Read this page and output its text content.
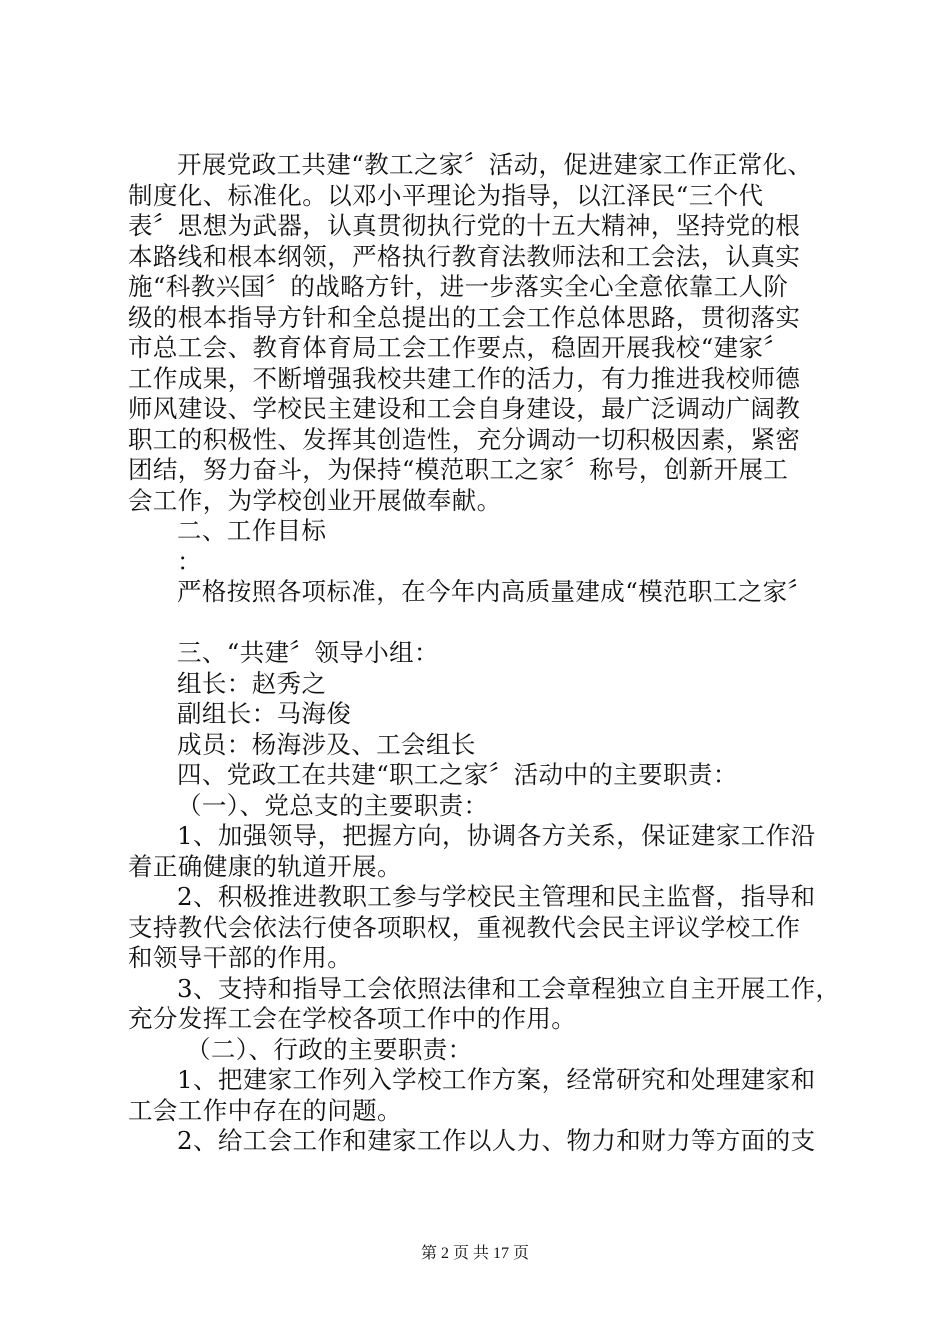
开展党政工共建“教工之家〞活动，促进建家工作正常化、
制度化、标准化。以邓小平理论为指导，以江泽民“三个代
表〞思想为武器，认真贯彻执行党的十五大精神，坚持党的根
本路线和根本纲领，严格执行教育法教师法和工会法，认真实
施“科教兴国〞的战略方针，进一步落实全心全意依靠工人阶
级的根本指导方针和全总提出的工会工作总体思路，贯彻落实
市总工会、教育体育局工会工作要点，稳固开展我校“建家〞
工作成果，不断增强我校共建工作的活力，有力推进我校师德
师风建设、学校民主建设和工会自身建设，最广泛调动广阔教
职工的积极性、发挥其创造性，充分调动一切积极因素，紧密
团结，努力奋斗，为保持“模范职工之家〞称号，创新开展工
会工作，为学校创业开展做奉献。
二、工作目标
：
严格按照各项标准，在今年内高质量建成“模范职工之家〞
三、“共建〞领导小组：
组长：赵秀之
副组长：马海俊
成员：杨海涉及、工会组长
四、党政工在共建“职工之家〞活动中的主要职责：
（一）、党总支的主要职责：
1、加强领导，把握方向，协调各方关系，保证建家工作沿
着正确健康的轨道开展。
2、积极推进教职工参与学校民主管理和民主监督，指导和
支持教代会依法行使各项职权，重视教代会民主评议学校工作
和领导干部的作用。
3、支持和指导工会依照法律和工会章程独立自主开展工作，
充分发挥工会在学校各项工作中的作用。
（二）、行政的主要职责：
1、把建家工作列入学校工作方案，经常研究和处理建家和
工会工作中存在的问题。
2、给工会工作和建家工作以人力、物力和财力等方面的支
第 2 页 共 17 页
